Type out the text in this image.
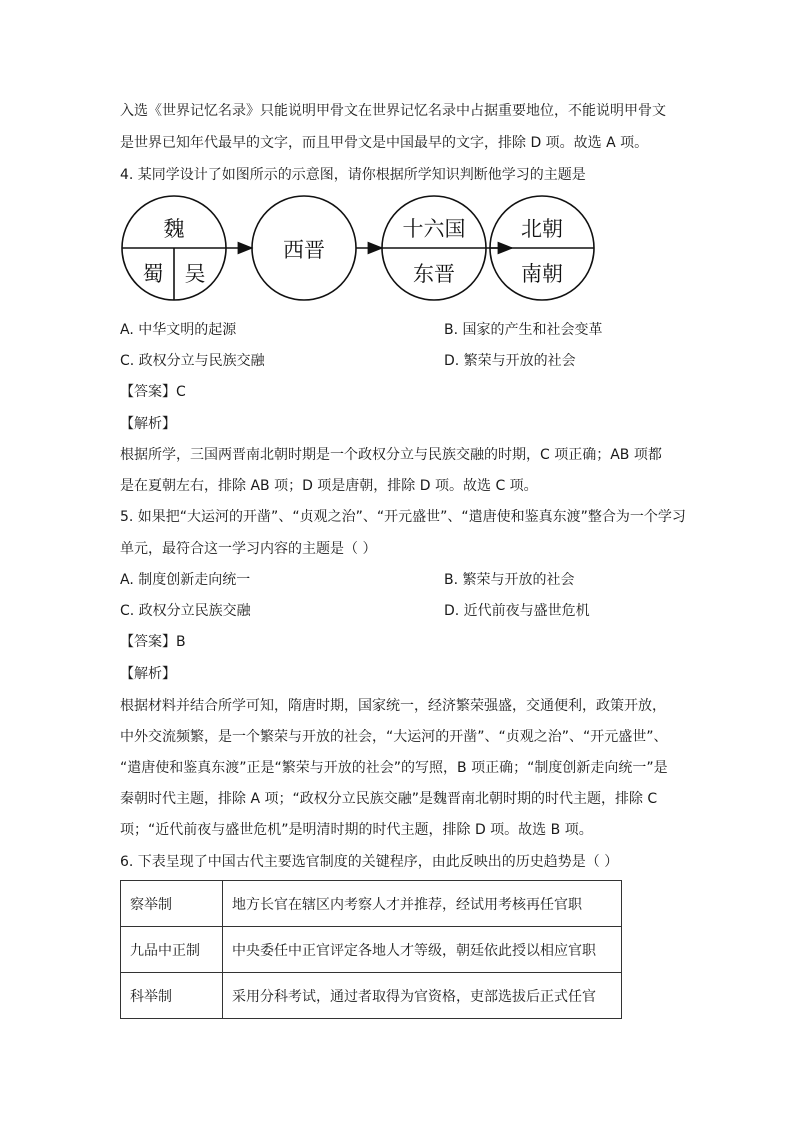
入选《世界记忆名录》只能说明甲骨文在世界记忆名录中占据重要地位，不能说明甲骨文
是世界已知年代最早的文字，而且甲骨文是中国最早的文字，排除 D 项。故选 A 项。
4. 某同学设计了如图所示的示意图，请你根据所学知识判断他学习的主题是
魏
蜀 吴
西晋
十六国
东晋
北朝
南朝
A. 中华文明的起源	B. 国家的产生和社会变革
C. 政权分立与民族交融	D. 繁荣与开放的社会
【答案】C
【解析】
根据所学，三国两晋南北朝时期是一个政权分立与民族交融的时期，C 项正确；AB 项都
是在夏朝左右，排除 AB 项；D 项是唐朝，排除 D 项。故选 C 项。
5. 如果把“大运河的开凿”、“贞观之治”、“开元盛世”、“遣唐使和鉴真东渡”整合为一个学习
单元，最符合这一学习内容的主题是（ ）
A. 制度创新走向统一	B. 繁荣与开放的社会
C. 政权分立民族交融	D. 近代前夜与盛世危机
【答案】B
【解析】
根据材料并结合所学可知，隋唐时期，国家统一，经济繁荣强盛，交通便利，政策开放，
中外交流频繁，是一个繁荣与开放的社会，“大运河的开凿”、“贞观之治”、“开元盛世”、
“遣唐使和鉴真东渡”正是“繁荣与开放的社会”的写照，B 项正确；“制度创新走向统一”是
秦朝时代主题，排除 A 项；“政权分立民族交融”是魏晋南北朝时期的时代主题，排除 C
项；“近代前夜与盛世危机”是明清时期的时代主题，排除 D 项。故选 B 项。
6. 下表呈现了中国古代主要选官制度的关键程序，由此反映出的历史趋势是（ ）
察举制	地方长官在辖区内考察人才并推荐，经试用考核再任官职
九品中正制	中央委任中正官评定各地人才等级，朝廷依此授以相应官职
科举制	采用分科考试，通过者取得为官资格，吏部选拔后正式任官
